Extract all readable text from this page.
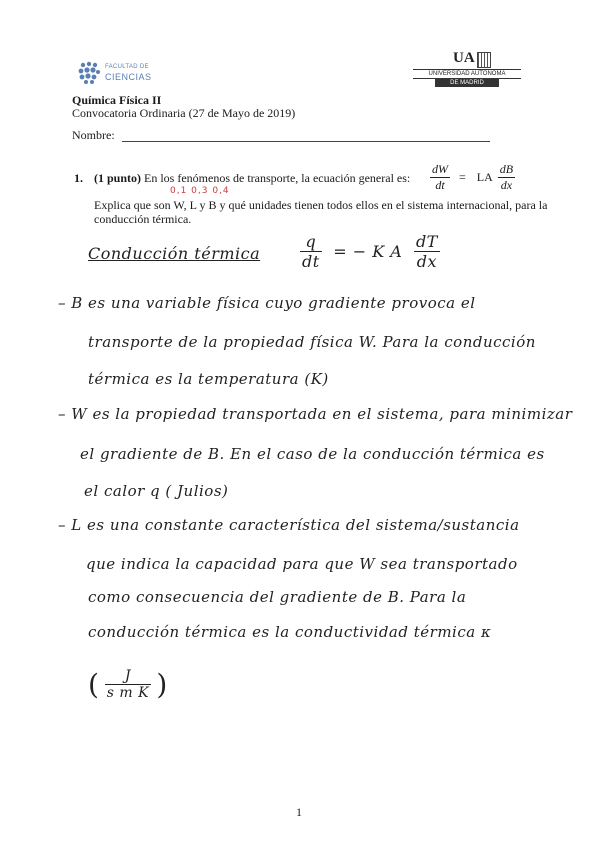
FACULTAD DE
CIENCIAS
UA
UNIVERSIDAD AUTONOMA
DE MADRID
Química Física II
Convocatoria Ordinaria (27 de Mayo de 2019)
Nombre:
1. (1 punto) En los fenómenos de transporte, la ecuación general es: $\frac{dW}{dt}$ = LA $\frac{dB}{dx}$
0,1 0,3 0,4
Explica que son W, L y B y qué unidades tienen todos ellos en el sistema internacional, para la conducción térmica.
Conducción térmica $\frac{q}{dt}$ = − K A $\frac{dT}{dx}$
– B es una variable física cuyo gradiente provoca el
transporte de la propiedad física W. Para la conducción
térmica es la temperatura (K)
– W es la propiedad transportada en el sistema, para minimizar
el gradiente de B. En el caso de la conducción térmica es
el calor q ( Julios)
– L es una constante característica del sistema/sustancia
que indica la capacidad para que W sea transportado
como consecuencia del gradiente de B. Para la
conducción térmica es la conductividad térmica κ
( $\frac{J}{\text{s m K}}$ )
1
